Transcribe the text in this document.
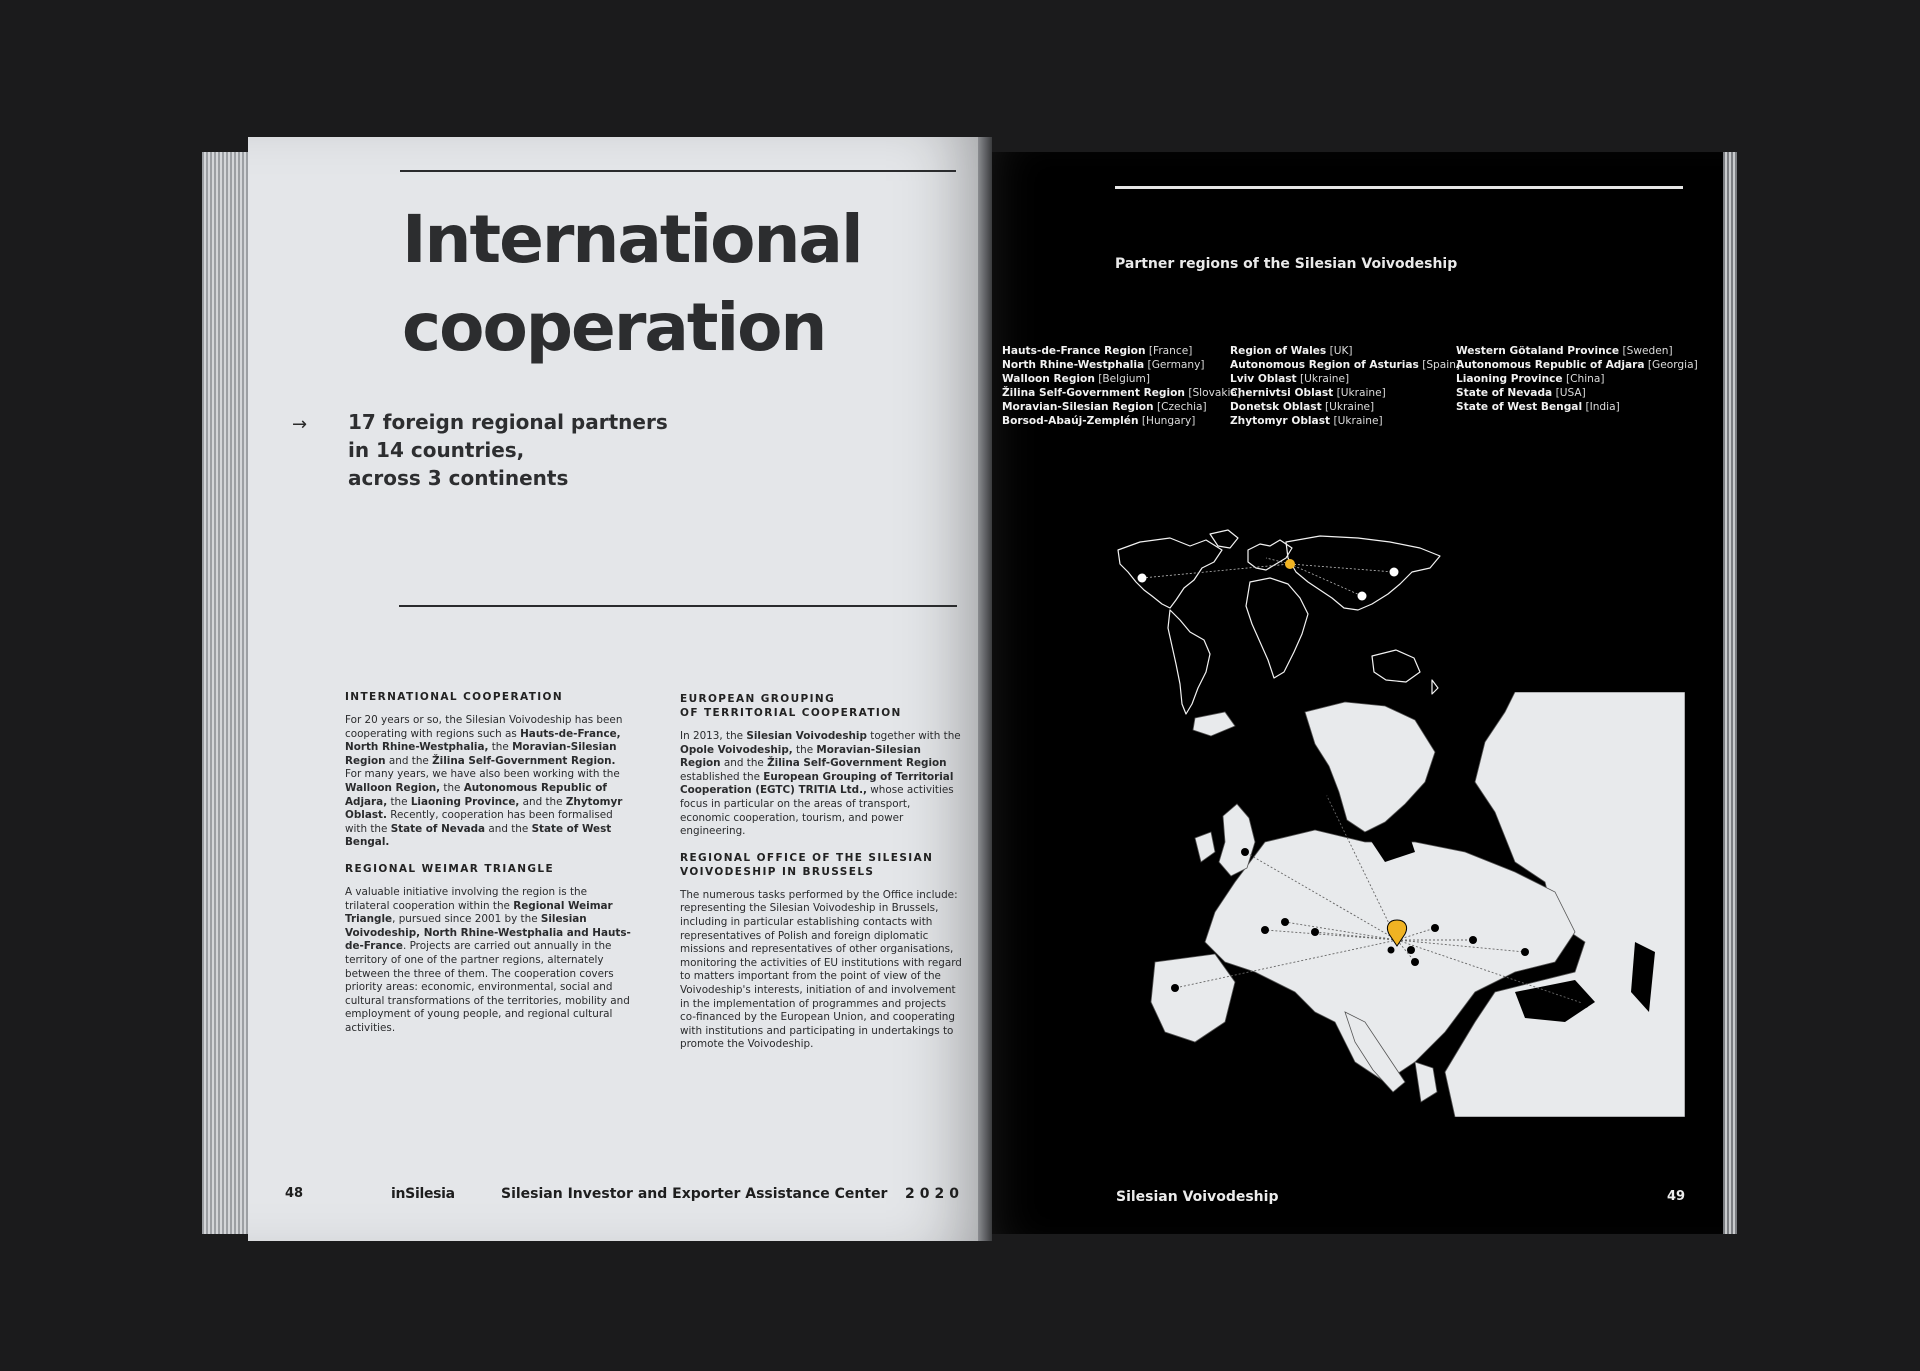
International
cooperation
→ 17 foreign regional partners
in 14 countries,
across 3 continents

INTERNATIONAL COOPERATION

For 20 years or so, the Silesian Voivodeship has been cooperating with regions such as Hauts-de-France, North Rhine-Westphalia, the Moravian-Silesian Region and the Žilina Self-Government Region. For many years, we have also been working with the Walloon Region, the Autonomous Republic of Adjara, the Liaoning Province, and the Zhytomyr Oblast. Recently, cooperation has been formalised with the State of Nevada and the State of West Bengal.

REGIONAL WEIMAR TRIANGLE

A valuable initiative involving the region is the trilateral cooperation within the Regional Weimar Triangle, pursued since 2001 by the Silesian Voivodeship, North Rhine-Westphalia and Hauts-de-France. Projects are carried out annually in the territory of one of the partner regions, alternately between the three of them. The cooperation covers priority areas: economic, environmental, social and cultural transformations of the territories, mobility and employment of young people, and regional cultural activities.

EUROPEAN GROUPING
OF TERRITORIAL COOPERATION

In 2013, the Silesian Voivodeship together with the Opole Voivodeship, the Moravian-Silesian Region and the Žilina Self-Government Region established the European Grouping of Territorial Cooperation (EGTC) TRITIA Ltd., whose activities focus in particular on the areas of transport, economic cooperation, tourism, and power engineering.

REGIONAL OFFICE OF THE SILESIAN
VOIVODESHIP IN BRUSSELS

The numerous tasks performed by the Office include: representing the Silesian Voivodeship in Brussels, including in particular establishing contacts with representatives of Polish and foreign diplomatic missions and representatives of other organisations, monitoring the activities of EU institutions with regard to matters important from the point of view of the Voivodeship's interests, initiation of and involvement in the implementation of programmes and projects co-financed by the European Union, and cooperating with institutions and participating in undertakings to promote the Voivodeship.

48	inSilesia	Silesian Investor and Exporter Assistance Center 2020
Partner regions of the Silesian Voivodeship
Hauts-de-France Region [France]
North Rhine-Westphalia [Germany]
Walloon Region [Belgium]
Žilina Self-Government Region [Slovakia]
Moravian-Silesian Region [Czechia]
Borsod-Abaúj-Zemplén [Hungary]
Region of Wales [UK]
Autonomous Region of Asturias [Spain]
Lviv Oblast [Ukraine]
Chernivtsi Oblast [Ukraine]
Donetsk Oblast [Ukraine]
Zhytomyr Oblast [Ukraine]
Western Götaland Province [Sweden]
Autonomous Republic of Adjara [Georgia]
Liaoning Province [China]
State of Nevada [USA]
State of West Bengal [India]
Silesian Voivodeship	49
